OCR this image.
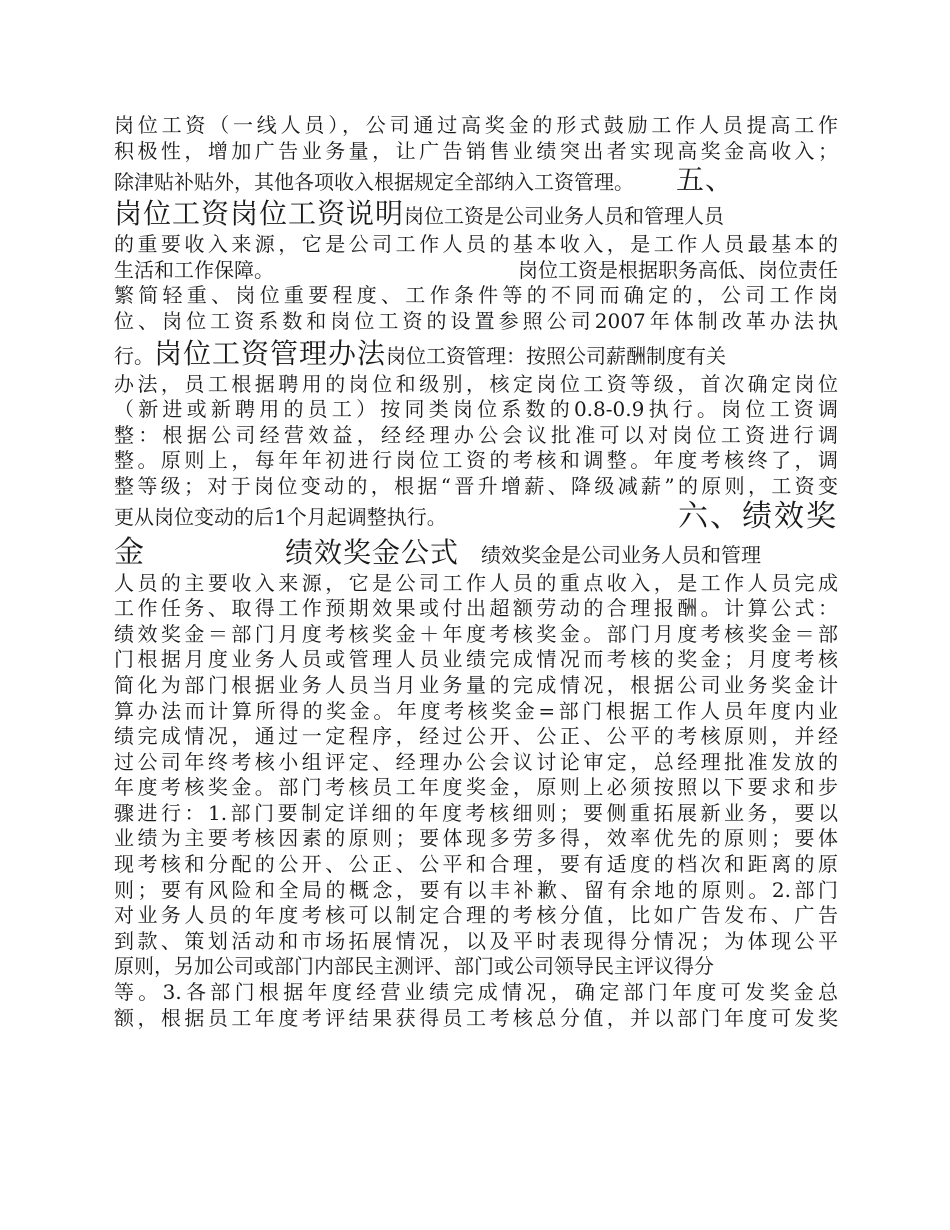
岗位工资（一线人员），公司通过高奖金的形式鼓励工作人员提高工作
积极性，增加广告业务量，让广告销售业绩突出者实现高奖金高收入；
除津贴补贴外，其他各项收入根据规定全部纳入工资管理。 五、
岗位工资岗位工资说明岗位工资是公司业务人员和管理人员
的重要收入来源，它是公司工作人员的基本收入，是工作人员最基本的
生活和工作保障。	岗位工资是根据职务高低、岗位责任
繁简轻重、岗位重要程度、工作条件等的不同而确定的，公司工作岗
位、岗位工资系数和岗位工资的设置参照公司2007年体制改革办法执
行。岗位工资管理办法岗位工资管理：按照公司薪酬制度有关
办法，员工根据聘用的岗位和级别，核定岗位工资等级，首次确定岗位
（新进或新聘用的员工）按同类岗位系数的0.8-0.9执行。岗位工资调
整：根据公司经营效益，经经理办公会议批准可以对岗位工资进行调
整。原则上，每年年初进行岗位工资的考核和调整。年度考核终了，调
整等级；对于岗位变动的，根据“晋升增薪、降级减薪”的原则，工资变
更从岗位变动的后1个月起调整执行。	六、绩效奖
金	绩效奖金公式 绩效奖金是公司业务人员和管理
人员的主要收入来源，它是公司工作人员的重点收入，是工作人员完成
工作任务、取得工作预期效果或付出超额劳动的合理报酬。计算公式：
绩效奖金＝部门月度考核奖金＋年度考核奖金。部门月度考核奖金＝部
门根据月度业务人员或管理人员业绩完成情况而考核的奖金；月度考核
简化为部门根据业务人员当月业务量的完成情况，根据公司业务奖金计
算办法而计算所得的奖金。年度考核奖金=部门根据工作人员年度内业
绩完成情况，通过一定程序，经过公开、公正、公平的考核原则，并经
过公司年终考核小组评定、经理办公会议讨论审定，总经理批准发放的
年度考核奖金。部门考核员工年度奖金，原则上必须按照以下要求和步
骤进行：1.部门要制定详细的年度考核细则；要侧重拓展新业务，要以
业绩为主要考核因素的原则；要体现多劳多得，效率优先的原则；要体
现考核和分配的公开、公正、公平和合理，要有适度的档次和距离的原
则；要有风险和全局的概念，要有以丰补歉、留有余地的原则。2.部门
对业务人员的年度考核可以制定合理的考核分值，比如广告发布、广告
到款、策划活动和市场拓展情况，以及平时表现得分情况；为体现公平
原则，另加公司或部门内部民主测评、部门或公司领导民主评议得分
等。3.各部门根据年度经营业绩完成情况，确定部门年度可发奖金总
额，根据员工年度考评结果获得员工考核总分值，并以部门年度可发奖
